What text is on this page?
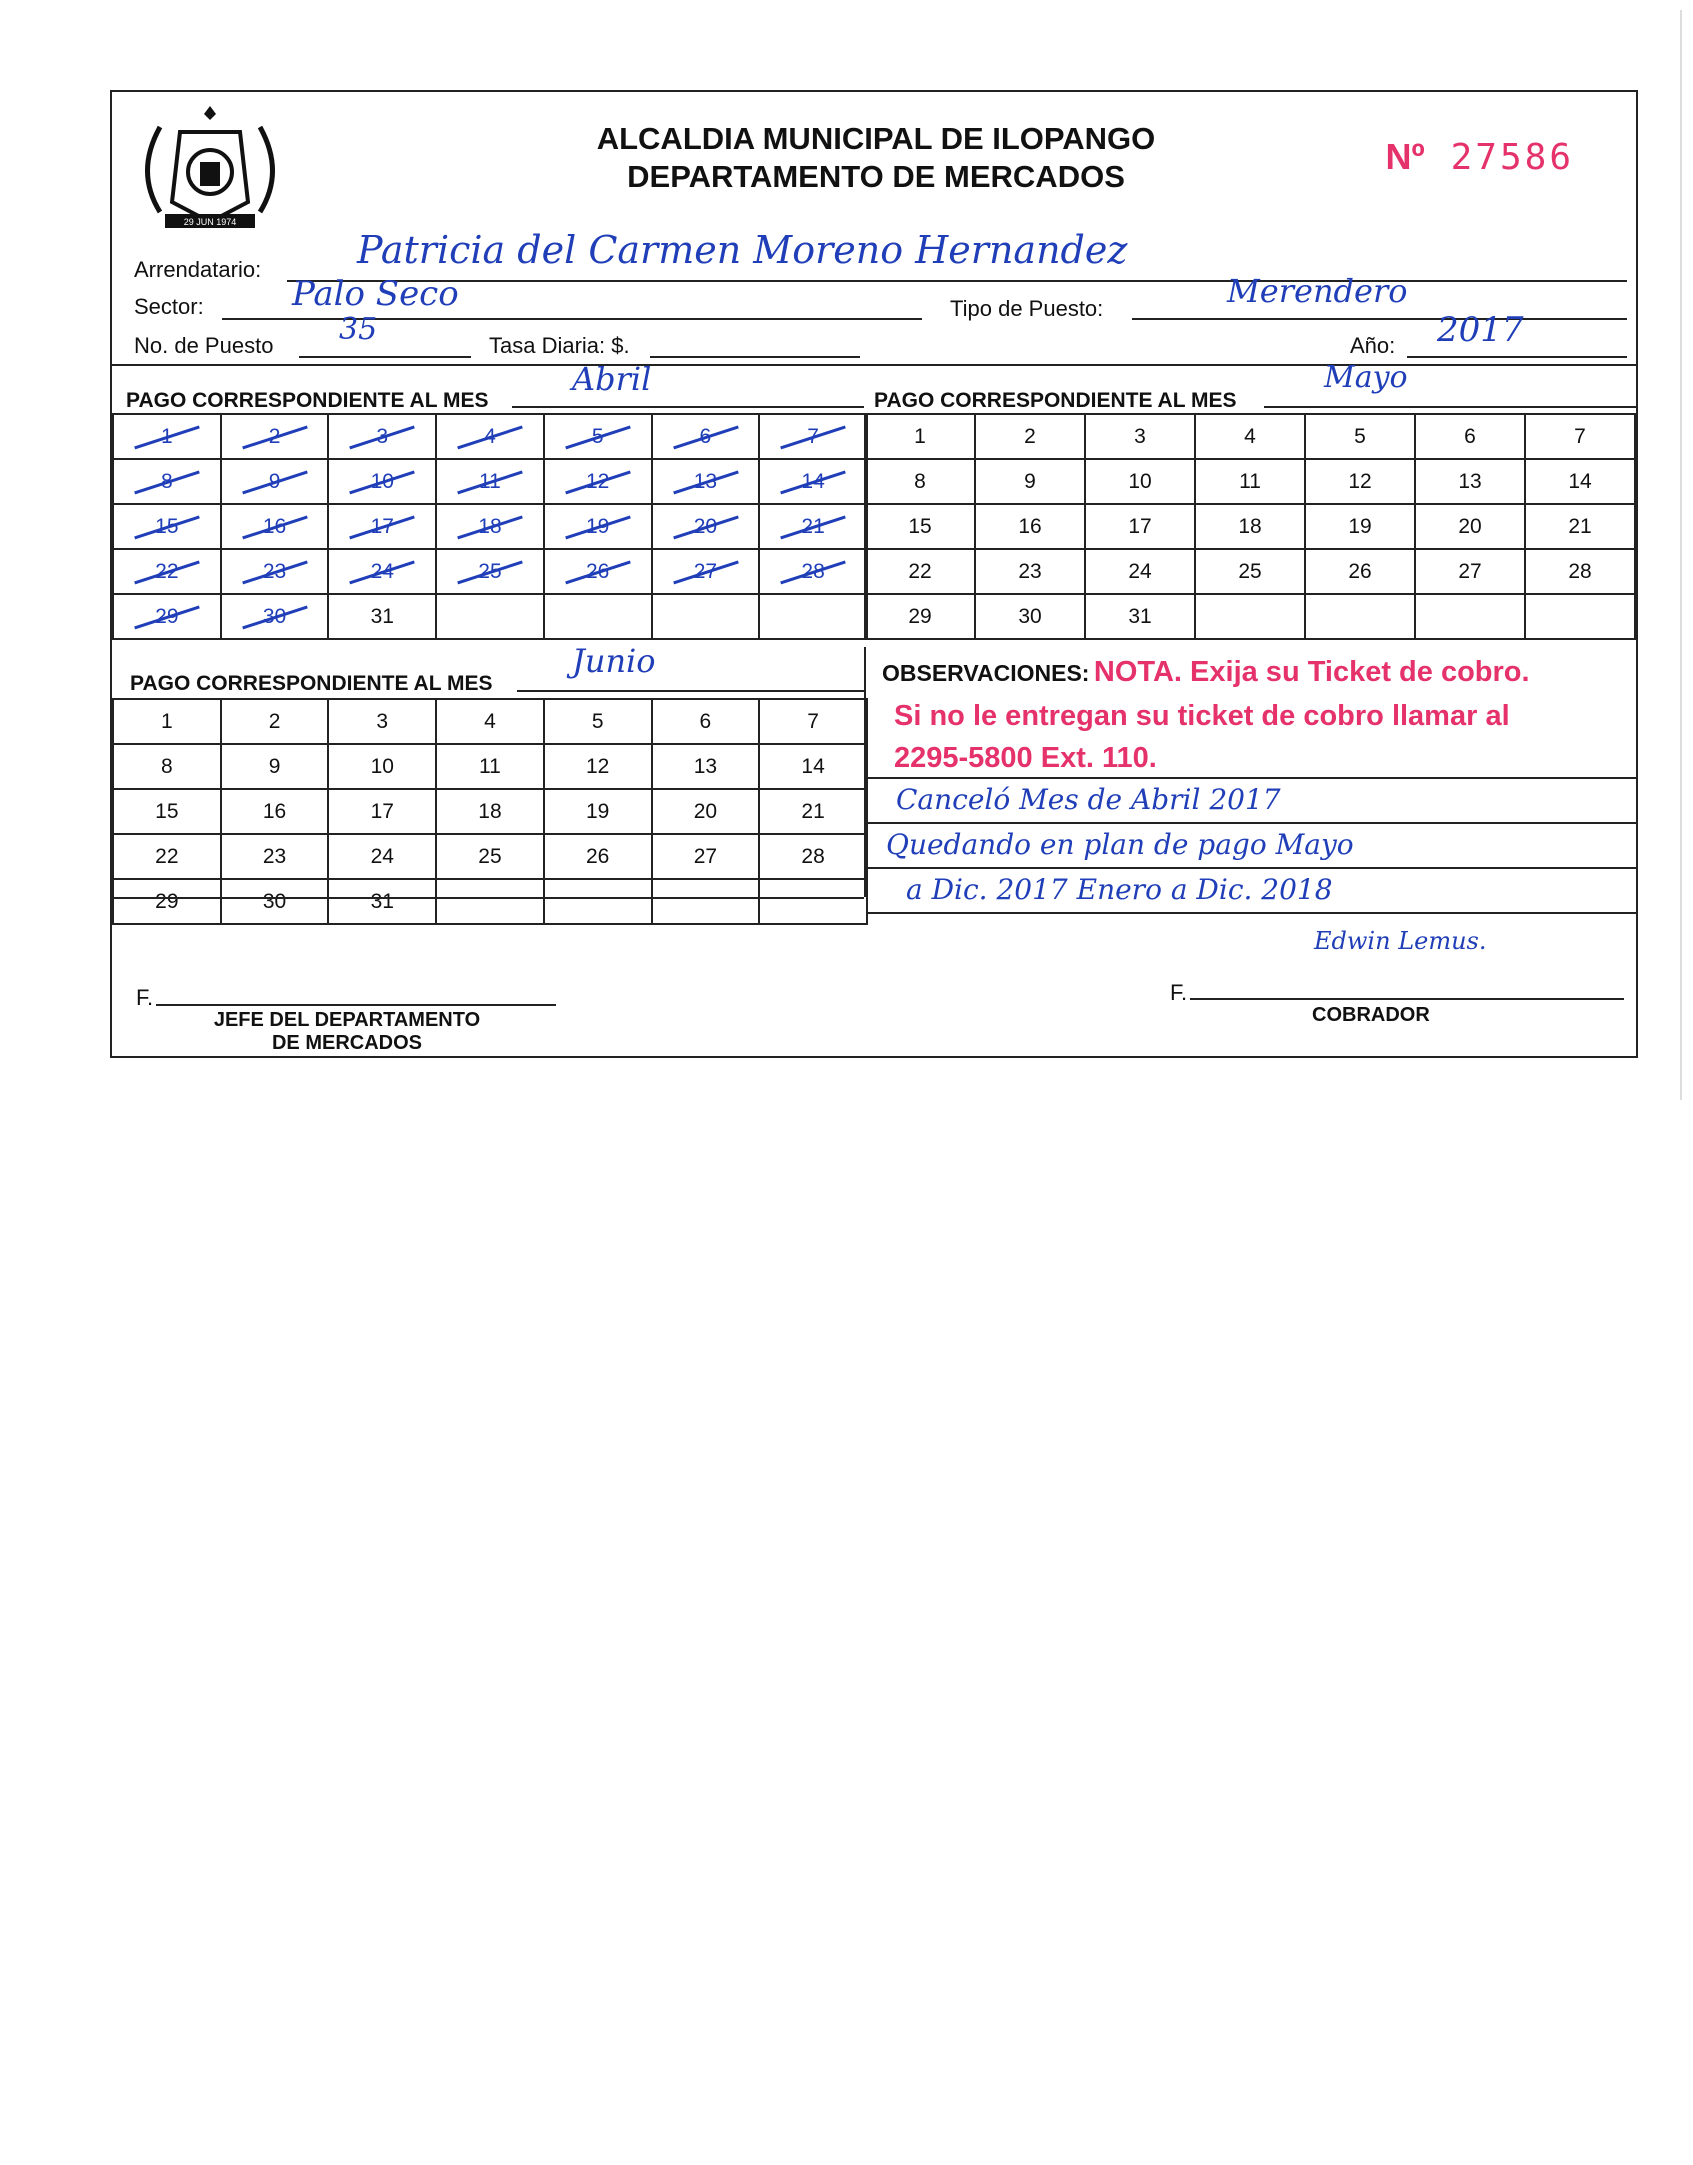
29 JUN 1974
ALCALDIA MUNICIPAL DE ILOPANGO
DEPARTAMENTO DE MERCADOS	Nº 27586
Arrendatario:	Patricia del Carmen Moreno Hernandez
Sector:	Palo Seco	Tipo de Puesto:	Merendero
No. de Puesto 35	Tasa Diaria: $.	Año: 2017
PAGO CORRESPONDIENTE AL MES
Abril
1	2	3	4	5	6	7
8	9	10	11	12	13	14
15	16	17	18	19	20	21
22	23	24	25	26	27	28
29	30	31				
PAGO CORRESPONDIENTE AL MES
Mayo
1	2	3	4	5	6	7
8	9	10	11	12	13	14
15	16	17	18	19	20	21
22	23	24	25	26	27	28
29	30	31				
PAGO CORRESPONDIENTE AL MES
Junio
1	2	3	4	5	6	7
8	9	10	11	12	13	14
15	16	17	18	19	20	21
22	23	24	25	26	27	28
29	30	31				
OBSERVACIONES: NOTA. Exija su Ticket de cobro.
Si no le entregan su ticket de cobro llamar al
2295-5800 Ext. 110.
Canceló Mes de Abril 2017
Quedando en plan de pago Mayo
a Dic. 2017 Enero a Dic. 2018
Edwin Lemus.
F.
JEFE DEL DEPARTAMENTO
DE MERCADOS
F.
COBRADOR
